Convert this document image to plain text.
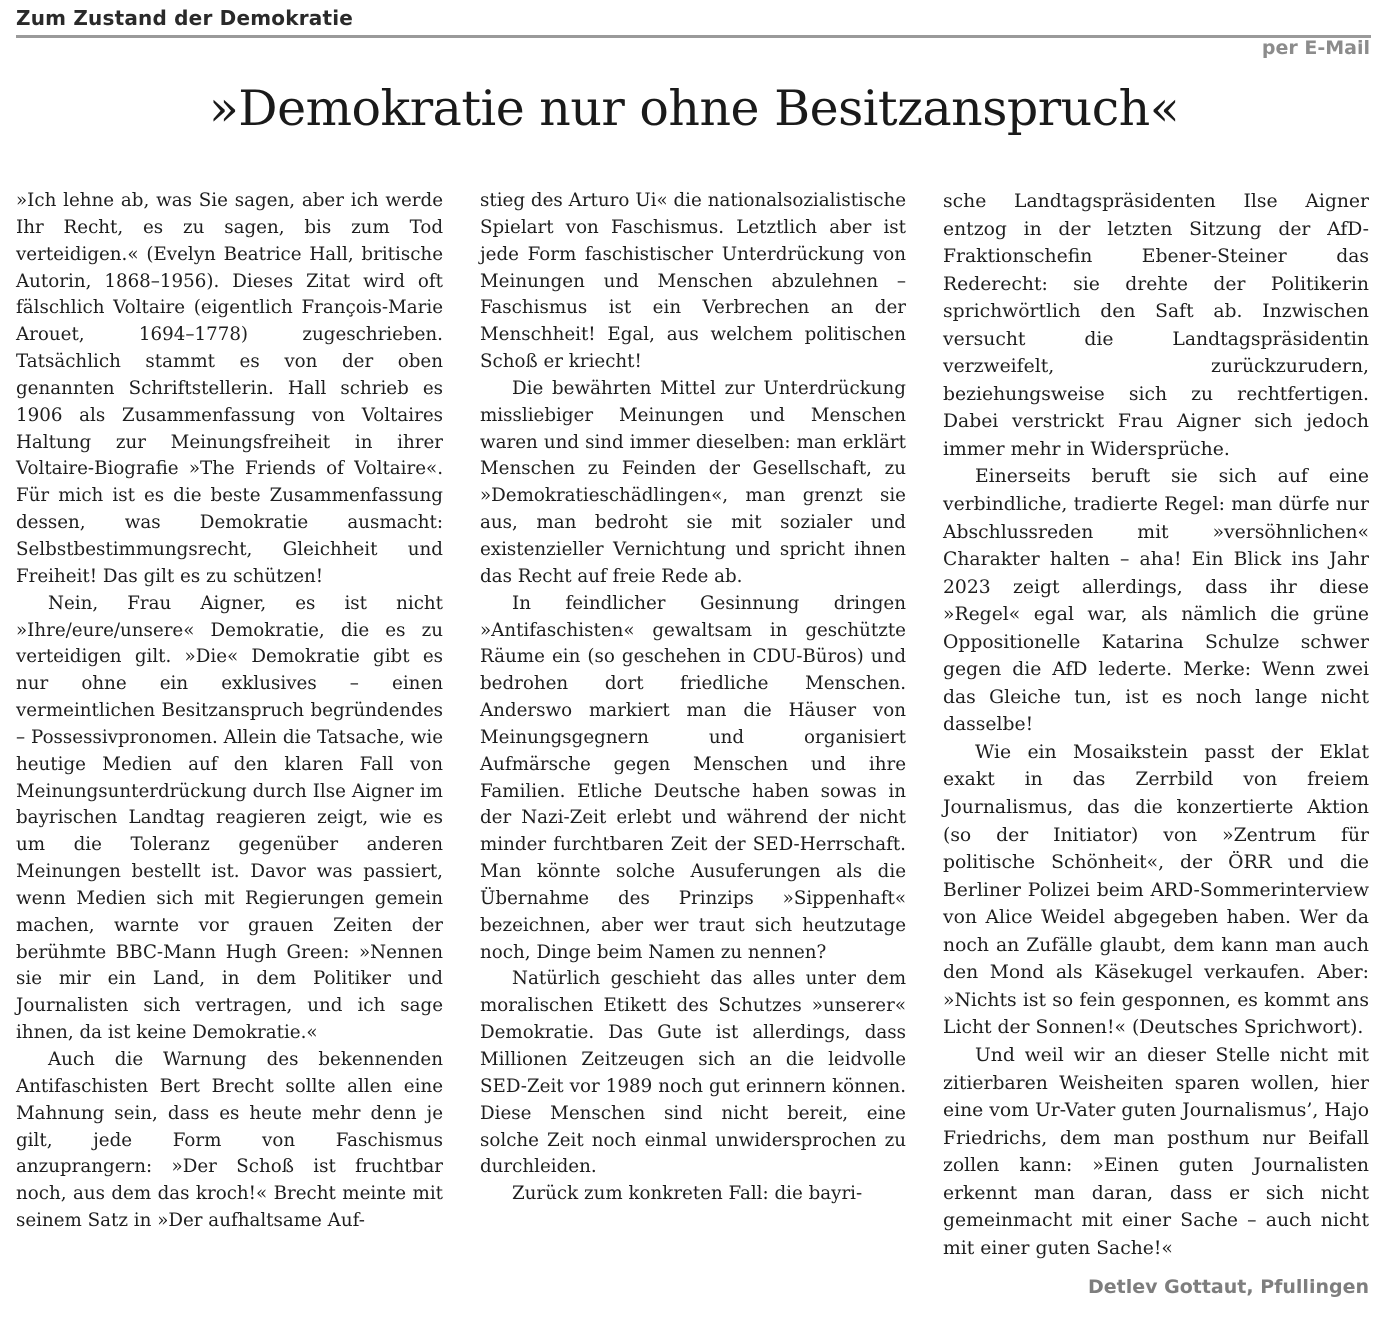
Zum Zustand der Demokratie
per E-Mail
»Demokratie nur ohne Besitzanspruch«

»Ich lehne ab, was Sie sagen, aber ich werde Ihr Recht, es zu sagen, bis zum Tod verteidigen.« (Evelyn Beatrice Hall, britische Autorin, 1868–1956). Dieses Zitat wird oft fälschlich Voltaire (eigentlich François-Marie Arouet, 1694–1778) zugeschrieben. Tatsächlich stammt es von der oben genannten Schriftstellerin. Hall schrieb es 1906 als Zusammenfassung von Voltaires Haltung zur Meinungsfreiheit in ihrer Voltaire-Biografie »The Friends of Voltaire«. Für mich ist es die beste Zusammenfassung dessen, was Demokratie ausmacht: Selbstbestimmungsrecht, Gleichheit und Freiheit! Das gilt es zu schützen!

Nein, Frau Aigner, es ist nicht »Ihre/eure/unsere« Demokratie, die es zu verteidigen gilt. »Die« Demokratie gibt es nur ohne ein exklusives – einen vermeintlichen Besitzanspruch begründendes – Possessivpronomen. Allein die Tatsache, wie heutige Medien auf den klaren Fall von Meinungsunterdrückung durch Ilse Aigner im bayrischen Landtag reagieren zeigt, wie es um die Toleranz gegenüber anderen Meinungen bestellt ist. Davor was passiert, wenn Medien sich mit Regierungen gemein machen, warnte vor grauen Zeiten der berühmte BBC-Mann Hugh Green: »Nennen sie mir ein Land, in dem Politiker und Journalisten sich vertragen, und ich sage ihnen, da ist keine Demokratie.«

Auch die Warnung des bekennenden Antifaschisten Bert Brecht sollte allen eine Mahnung sein, dass es heute mehr denn je gilt, jede Form von Faschismus anzuprangern: »Der Schoß ist fruchtbar noch, aus dem das kroch!« Brecht meinte mit seinem Satz in »Der aufhaltsame Auf-

stieg des Arturo Ui« die nationalsozialistische Spielart von Faschismus. Letztlich aber ist jede Form faschistischer Unterdrückung von Meinungen und Menschen abzulehnen – Faschismus ist ein Verbrechen an der Menschheit! Egal, aus welchem politischen Schoß er kriecht!

Die bewährten Mittel zur Unterdrückung missliebiger Meinungen und Menschen waren und sind immer dieselben: man erklärt Menschen zu Feinden der Gesellschaft, zu »Demokratieschädlingen«, man grenzt sie aus, man bedroht sie mit sozialer und existenzieller Vernichtung und spricht ihnen das Recht auf freie Rede ab.

In feindlicher Gesinnung dringen »Antifaschisten« gewaltsam in geschützte Räume ein (so geschehen in CDU-Büros) und bedrohen dort friedliche Menschen. Anderswo markiert man die Häuser von Meinungsgegnern und organisiert Aufmärsche gegen Menschen und ihre Familien. Etliche Deutsche haben sowas in der Nazi-Zeit erlebt und während der nicht minder furchtbaren Zeit der SED-Herrschaft. Man könnte solche Ausuferungen als die Übernahme des Prinzips »Sippenhaft« bezeichnen, aber wer traut sich heutzutage noch, Dinge beim Namen zu nennen?

Natürlich geschieht das alles unter dem moralischen Etikett des Schutzes »unserer« Demokratie. Das Gute ist allerdings, dass Millionen Zeitzeugen sich an die leidvolle SED-Zeit vor 1989 noch gut erinnern können. Diese Menschen sind nicht bereit, eine solche Zeit noch einmal unwidersprochen zu durchleiden.

Zurück zum konkreten Fall: die bayri-

sche Landtagspräsidenten Ilse Aigner entzog in der letzten Sitzung der AfD-Fraktionschefin Ebener-Steiner das Rederecht: sie drehte der Politikerin sprichwörtlich den Saft ab. Inzwischen versucht die Landtagspräsidentin verzweifelt, zurückzurudern, beziehungsweise sich zu rechtfertigen. Dabei verstrickt Frau Aigner sich jedoch immer mehr in Widersprüche.

Einerseits beruft sie sich auf eine verbindliche, tradierte Regel: man dürfe nur Abschlussreden mit »versöhnlichen« Charakter halten – aha! Ein Blick ins Jahr 2023 zeigt allerdings, dass ihr diese »Regel« egal war, als nämlich die grüne Oppositionelle Katarina Schulze schwer gegen die AfD lederte. Merke: Wenn zwei das Gleiche tun, ist es noch lange nicht dasselbe!

Wie ein Mosaikstein passt der Eklat exakt in das Zerrbild von freiem Journalismus, das die konzertierte Aktion (so der Initiator) von »Zentrum für politische Schönheit«, der ÖRR und die Berliner Polizei beim ARD-Sommerinterview von Alice Weidel abgegeben haben. Wer da noch an Zufälle glaubt, dem kann man auch den Mond als Käsekugel verkaufen. Aber: »Nichts ist so fein gesponnen, es kommt ans Licht der Sonnen!« (Deutsches Sprichwort).

Und weil wir an dieser Stelle nicht mit zitierbaren Weisheiten sparen wollen, hier eine vom Ur-Vater guten Journalismus’, Hajo Friedrichs, dem man posthum nur Beifall zollen kann: »Einen guten Journalisten erkennt man daran, dass er sich nicht gemeinmacht mit einer Sache – auch nicht mit einer guten Sache!«

Detlev Gottaut, Pfullingen
